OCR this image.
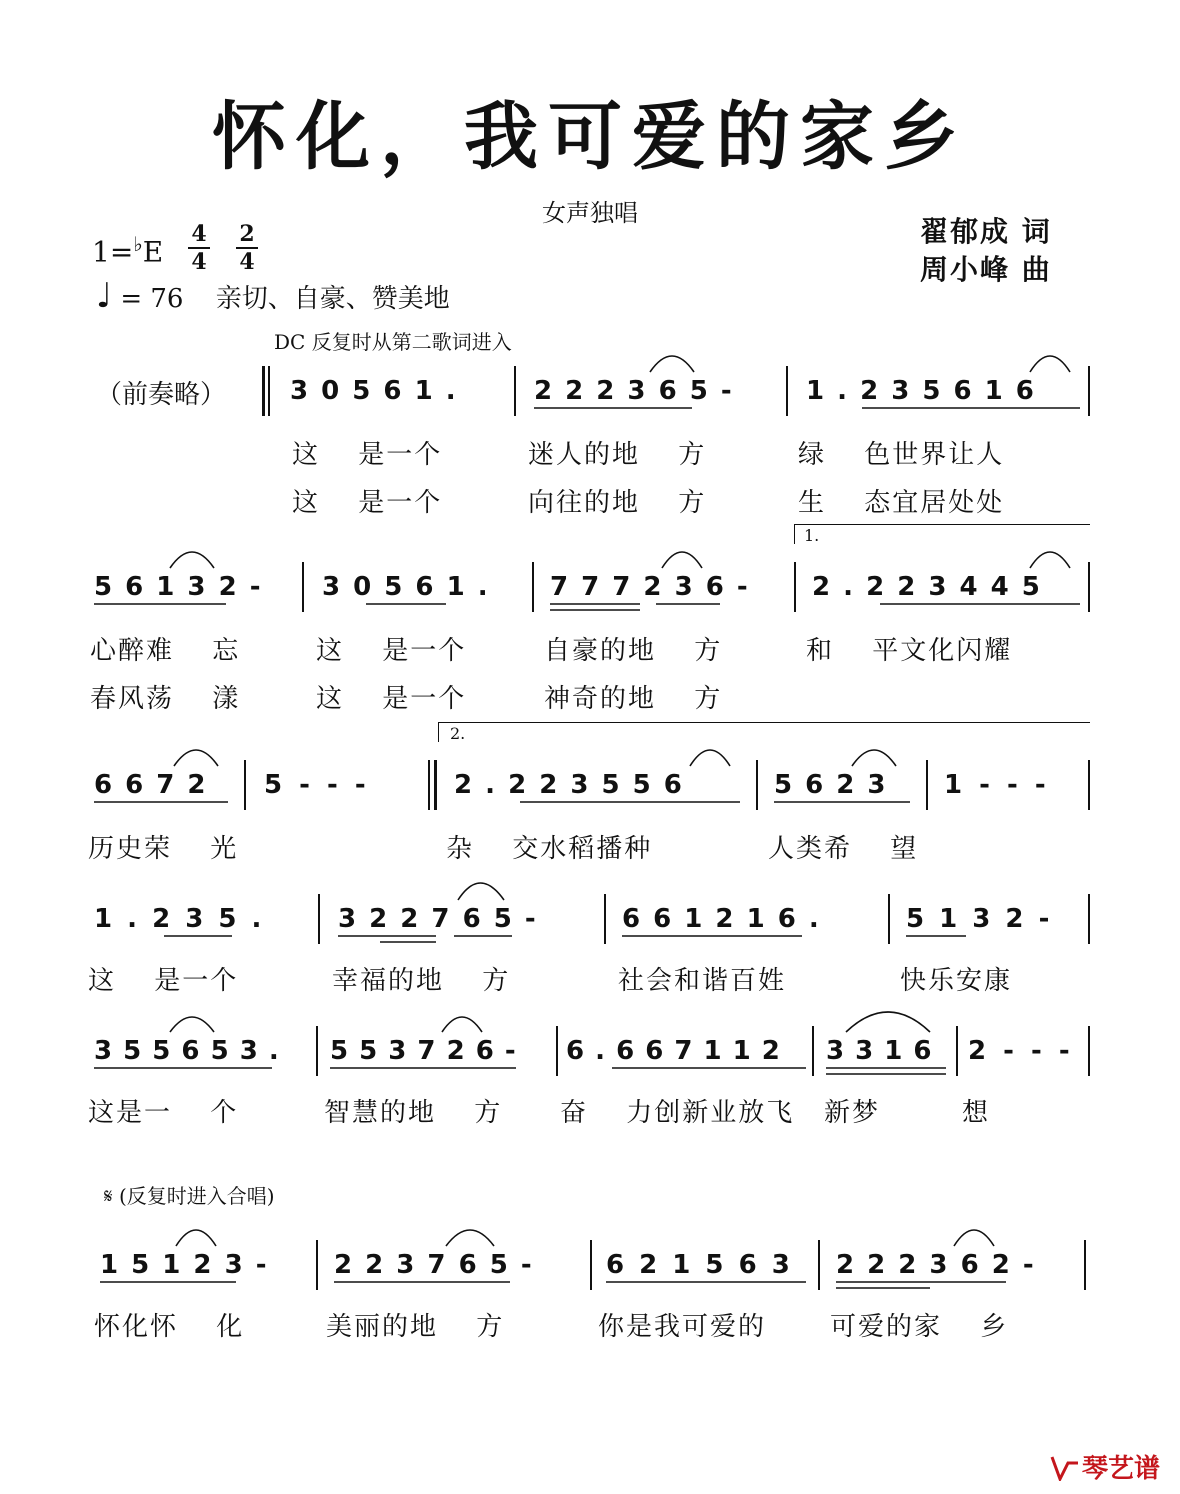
怀化，我可爱的家乡
女声独唱
翟郁成 词
周小峰 曲
1=♭E
4
4
2
4
♩ = 76 亲切、自豪、赞美地
DC 反复时从第二歌词进入
（前奏略） 3 0 5 6 1 .	2 2 2 3 6 5 -	1 . 2 3 5 6 1 6
这 是一个	迷人的地 方	绿 色世界让人
这 是一个	向往的地 方	生 态宜居处处
1.
5 6 1 3 2 - 3 0 5 6 1 . 7 7 7 2 3 6 - 2 . 2 2 3 4 4 5
心醉难 忘	这 是一个	自豪的地 方	和 平文化闪耀
春风荡 漾	这 是一个	神奇的地 方
2.
6 6 7 2 5 - - -	2 . 2 2 3 5 5 6	5 6 2 3 1 - - -
历史荣 光	杂 交水稻播种	人类希 望
1 . 2 3 5 .	3 2 2 7 6 5 -	6 6 1 2 1 6 .	5 1 3 2 -
这 是一个	幸福的地 方	社会和谐百姓	快乐安康
3 5 5 6 5 3 . 5 5 3 7 2 6 - 6 . 6 6 7 1 1 2 3 3 1 6 2 - - -
这是一 个	智慧的地 方 奋 力创新业放飞 新梦	想
𝄋 (反复时进入合唱)
1 5 1 2 3 -	2 2 3 7 6 5 -	6 2 1 5 6 3 2 2 2 3 6 2 -
怀化怀 化	美丽的地 方	你是我可爱的 可爱的家 乡
琴艺谱
